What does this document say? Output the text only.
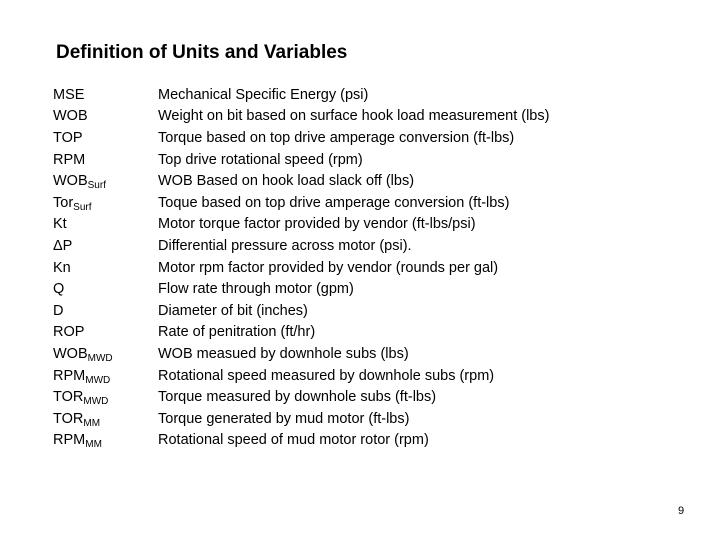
Definition of Units and Variables
MSE	Mechanical Specific Energy (psi)
WOB	Weight on bit based on surface hook load measurement (lbs)
TOP	Torque based on top drive amperage conversion (ft-lbs)
RPM	Top drive rotational speed (rpm)
$WOB_{Surf}$	WOB Based on hook load slack off (lbs)
Tor$_{Surf}$	Toque based on top drive amperage conversion (ft-lbs)
Kt	Motor torque factor provided by vendor (ft-lbs/psi)
ΔP	Differential pressure across motor (psi).
Kn	Motor rpm factor provided by vendor (rounds per gal)
Q	Flow rate through motor (gpm)
D	Diameter of bit (inches)
ROP	Rate of penitration (ft/hr)
$WOB_{MWD}$	WOB measued by downhole subs (lbs)
$RPM_{MWD}$	Rotational speed measured by downhole subs (rpm)
$TOR_{MWD}$	Torque measured by downhole subs (ft-lbs)
$TOR_{MM}$	Torque generated by mud motor (ft-lbs)
$RPM_{MM}$	Rotational speed of mud motor rotor (rpm)
9
